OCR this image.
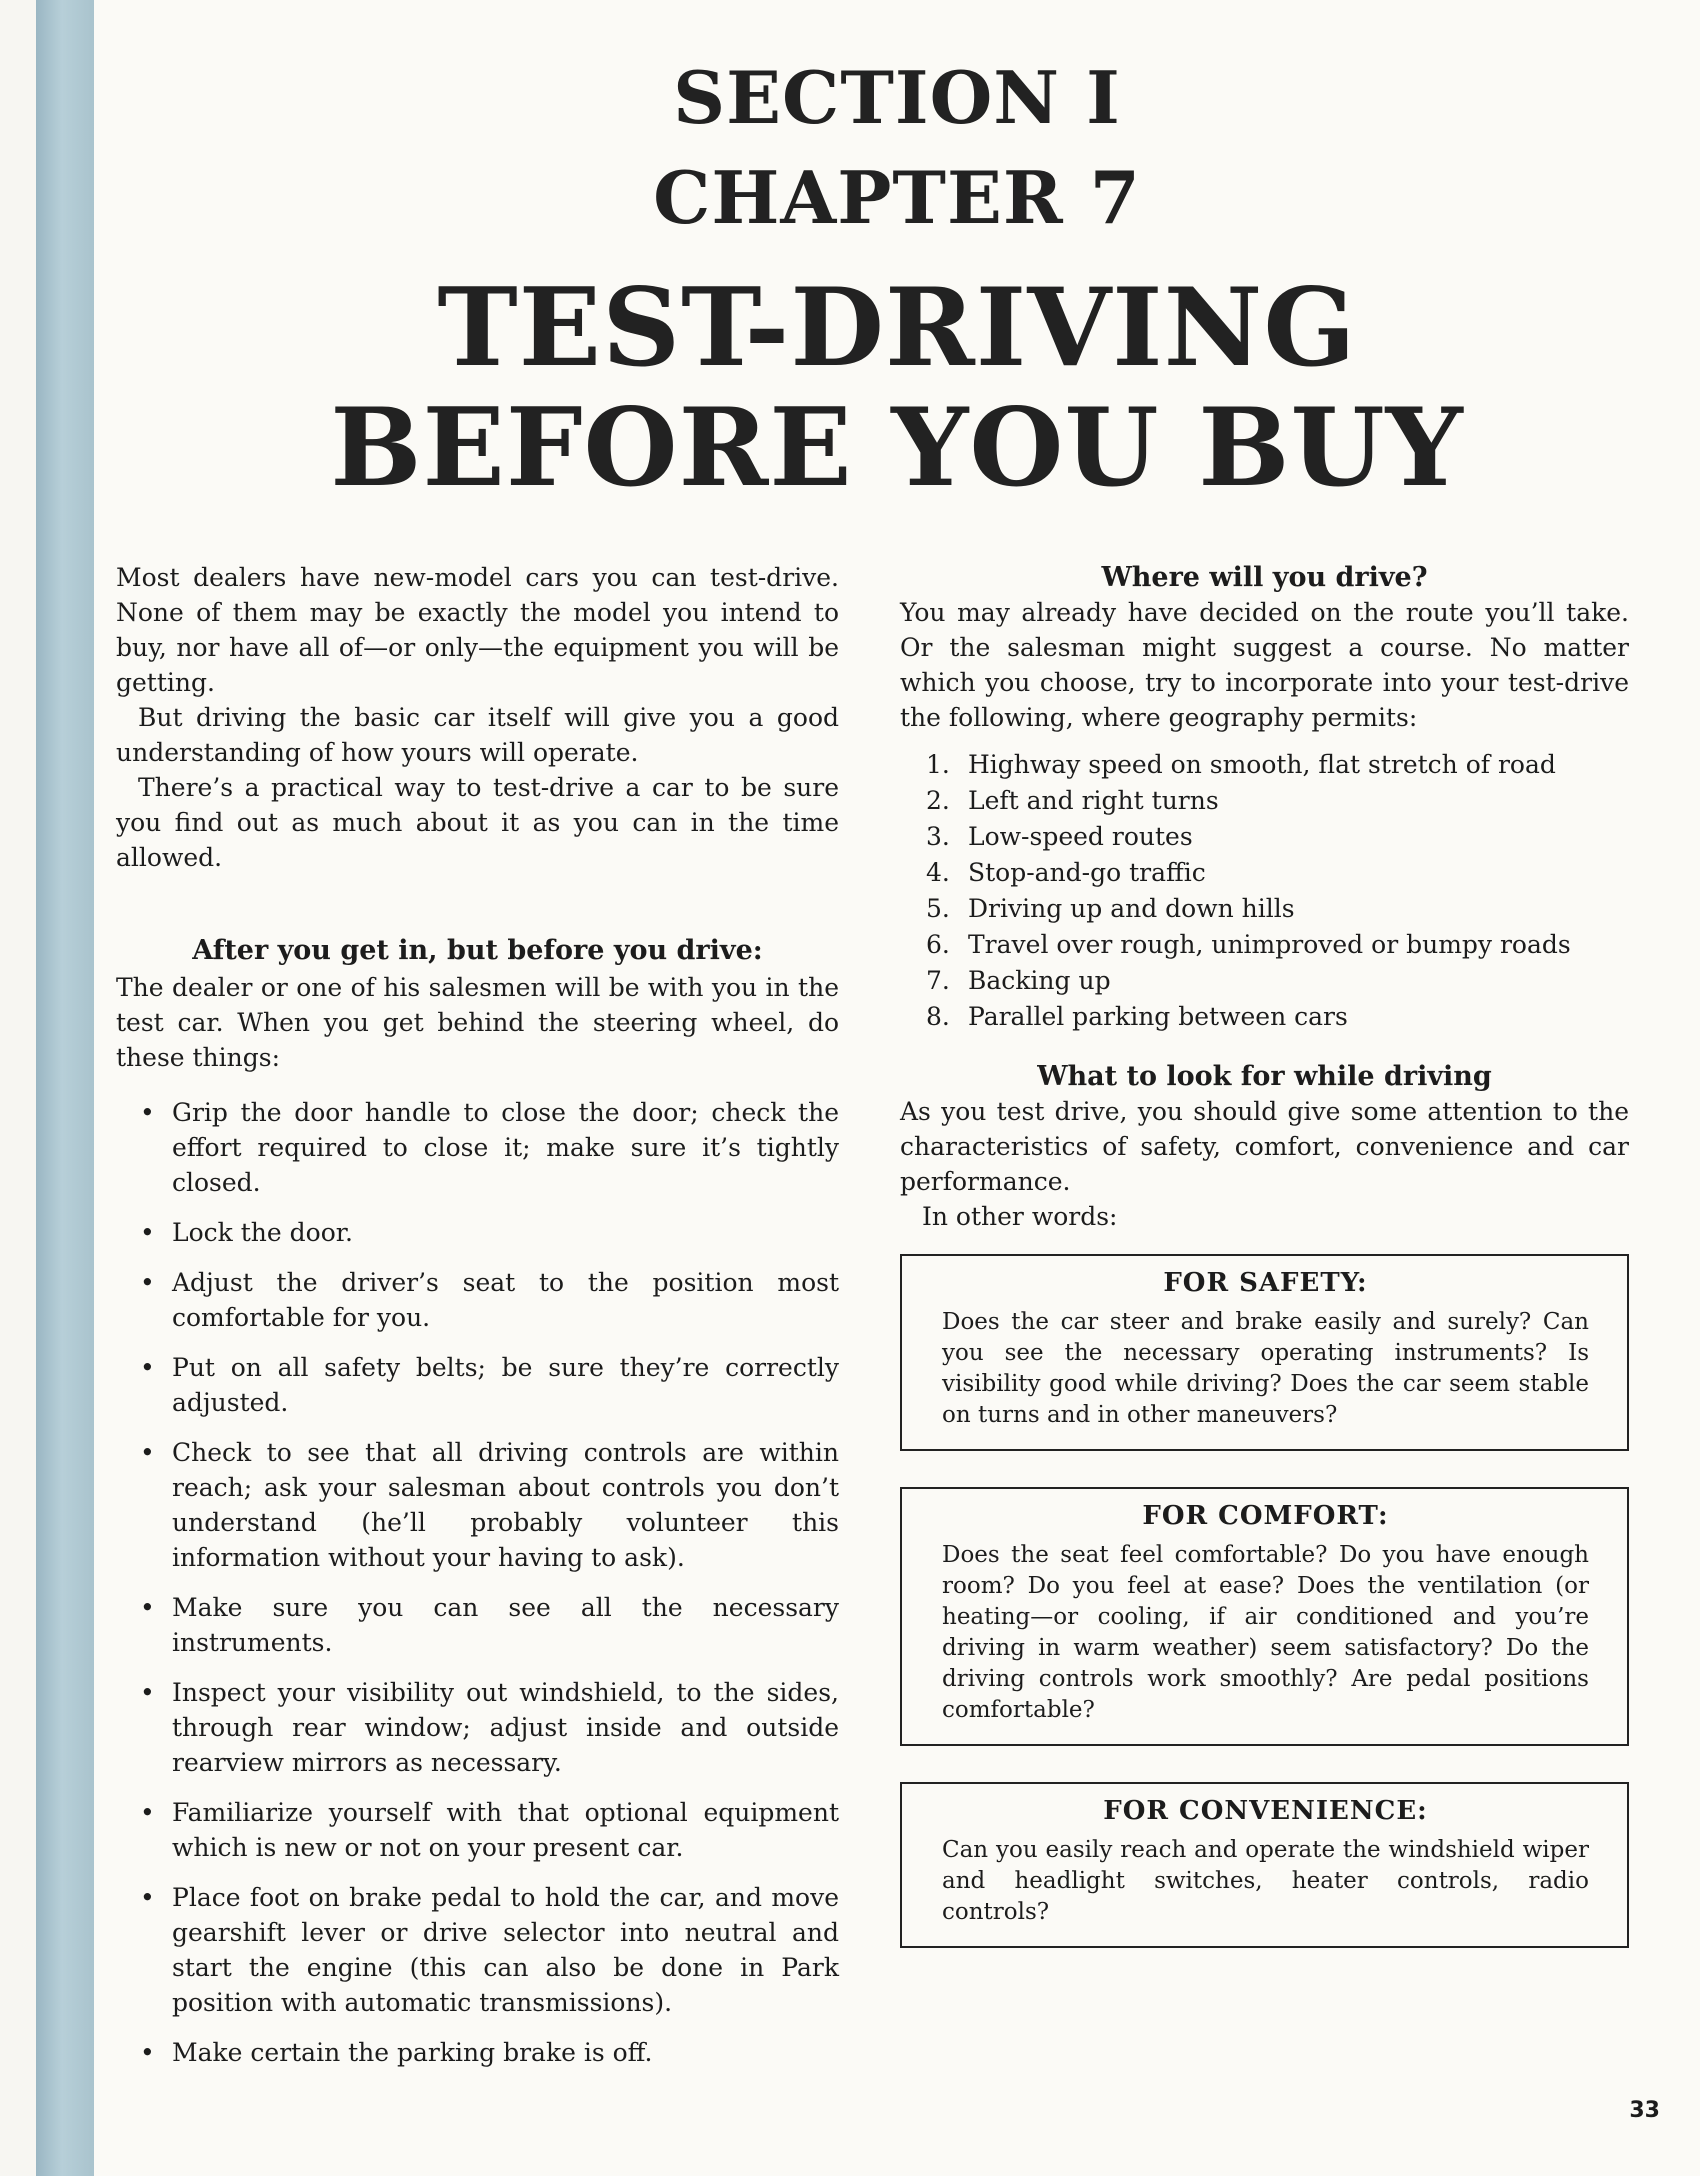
SECTION I
CHAPTER 7
TEST-DRIVING
BEFORE YOU BUY

Most dealers have new-model cars you can test-drive. None of them may be exactly the model you intend to buy, nor have all of—or only—the equipment you will be getting.

But driving the basic car itself will give you a good understanding of how yours will operate.

There’s a practical way to test-drive a car to be sure you find out as much about it as you can in the time allowed.

After you get in, but before you drive:

The dealer or one of his salesmen will be with you in the test car. When you get behind the steering wheel, do these things:

• Grip the door handle to close the door; check the effort required to close it; make sure it’s tightly closed.
• Lock the door.
• Adjust the driver’s seat to the position most comfortable for you.
• Put on all safety belts; be sure they’re correctly adjusted.
• Check to see that all driving controls are within reach; ask your salesman about controls you don’t understand (he’ll probably volunteer this information without your having to ask).
• Make sure you can see all the necessary instruments.
• Inspect your visibility out windshield, to the sides, through rear window; adjust inside and outside rearview mirrors as necessary.
• Familiarize yourself with that optional equipment which is new or not on your present car.
• Place foot on brake pedal to hold the car, and move gearshift lever or drive selector into neutral and start the engine (this can also be done in Park position with automatic transmissions).
• Make certain the parking brake is off.

Where will you drive?

You may already have decided on the route you’ll take. Or the salesman might suggest a course. No matter which you choose, try to incorporate into your test-drive the following, where geography permits:

1. Highway speed on smooth, flat stretch of road
2. Left and right turns
3. Low-speed routes
4. Stop-and-go traffic
5. Driving up and down hills
6. Travel over rough, unimproved or bumpy roads
7. Backing up
8. Parallel parking between cars

What to look for while driving

As you test drive, you should give some attention to the characteristics of safety, comfort, convenience and car performance.

In other words:

FOR SAFETY:

Does the car steer and brake easily and surely? Can you see the necessary operating instruments? Is visibility good while driving? Does the car seem stable on turns and in other maneuvers?

FOR COMFORT:

Does the seat feel comfortable? Do you have enough room? Do you feel at ease? Does the ventilation (or heating—or cooling, if air conditioned and you’re driving in warm weather) seem satisfactory? Do the driving controls work smoothly? Are pedal positions comfortable?

FOR CONVENIENCE:

Can you easily reach and operate the windshield wiper and headlight switches, heater controls, radio controls?

33
